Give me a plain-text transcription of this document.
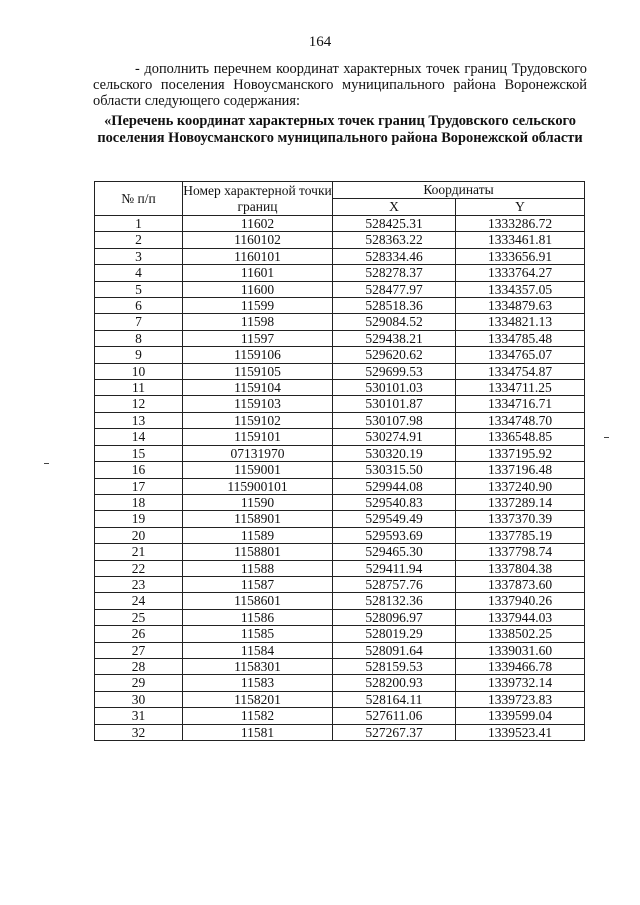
164

- дополнить перечнем координат характерных точек границ Трудовского сельского поселения Новоусманского муниципального района Воронежской области следующего содержания:

«Перечень координат характерных точек границ Трудовского сельского поселения Новоусманского муниципального района Воронежской области
№ п/п	Номер характерной точки границ	Координаты	
		X	Y
1	11602	528425.31	1333286.72
2	1160102	528363.22	1333461.81
3	1160101	528334.46	1333656.91
4	11601	528278.37	1333764.27
5	11600	528477.97	1334357.05
6	11599	528518.36	1334879.63
7	11598	529084.52	1334821.13
8	11597	529438.21	1334785.48
9	1159106	529620.62	1334765.07
10	1159105	529699.53	1334754.87
11	1159104	530101.03	1334711.25
12	1159103	530101.87	1334716.71
13	1159102	530107.98	1334748.70
14	1159101	530274.91	1336548.85
15	07131970	530320.19	1337195.92
16	1159001	530315.50	1337196.48
17	115900101	529944.08	1337240.90
18	11590	529540.83	1337289.14
19	1158901	529549.49	1337370.39
20	11589	529593.69	1337785.19
21	1158801	529465.30	1337798.74
22	11588	529411.94	1337804.38
23	11587	528757.76	1337873.60
24	1158601	528132.36	1337940.26
25	11586	528096.97	1337944.03
26	11585	528019.29	1338502.25
27	11584	528091.64	1339031.60
28	1158301	528159.53	1339466.78
29	11583	528200.93	1339732.14
30	1158201	528164.11	1339723.83
31	11582	527611.06	1339599.04
32	11581	527267.37	1339523.41
